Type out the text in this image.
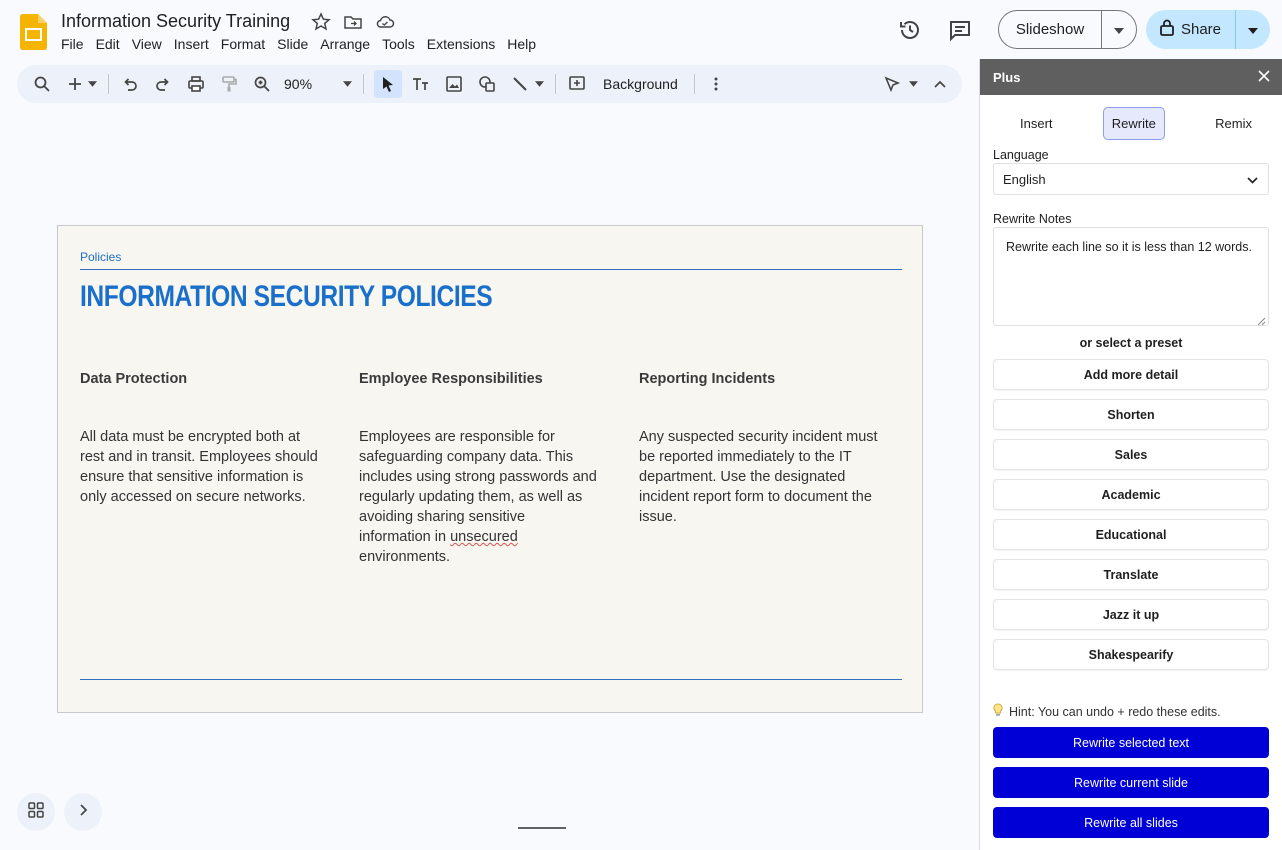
Information Security Training
File Edit View Insert Format Slide Arrange Tools Extensions Help
Slideshow	Share
90%	Background
Policies
INFORMATION SECURITY POLICIES
Data Protection

All data must be encrypted both at rest and in transit. Employees should ensure that sensitive information is only accessed on secure networks.

Employee Responsibilities

Employees are responsible for safeguarding company data. This includes using strong passwords and regularly updating them, as well as avoiding sharing sensitive information in unsecured environments.

Reporting Incidents

Any suspected security incident must be reported immediately to the IT department. Use the designated incident report form to document the issue.

Plus
Insert	Rewrite	Remix
Language
English
Rewrite Notes
Rewrite each line so it is less than 12 words.
or select a preset
Add more detail
Shorten
Sales
Academic
Educational
Translate
Jazz it up
Shakespearify
Hint: You can undo + redo these edits.
Rewrite selected text
Rewrite current slide
Rewrite all slides
